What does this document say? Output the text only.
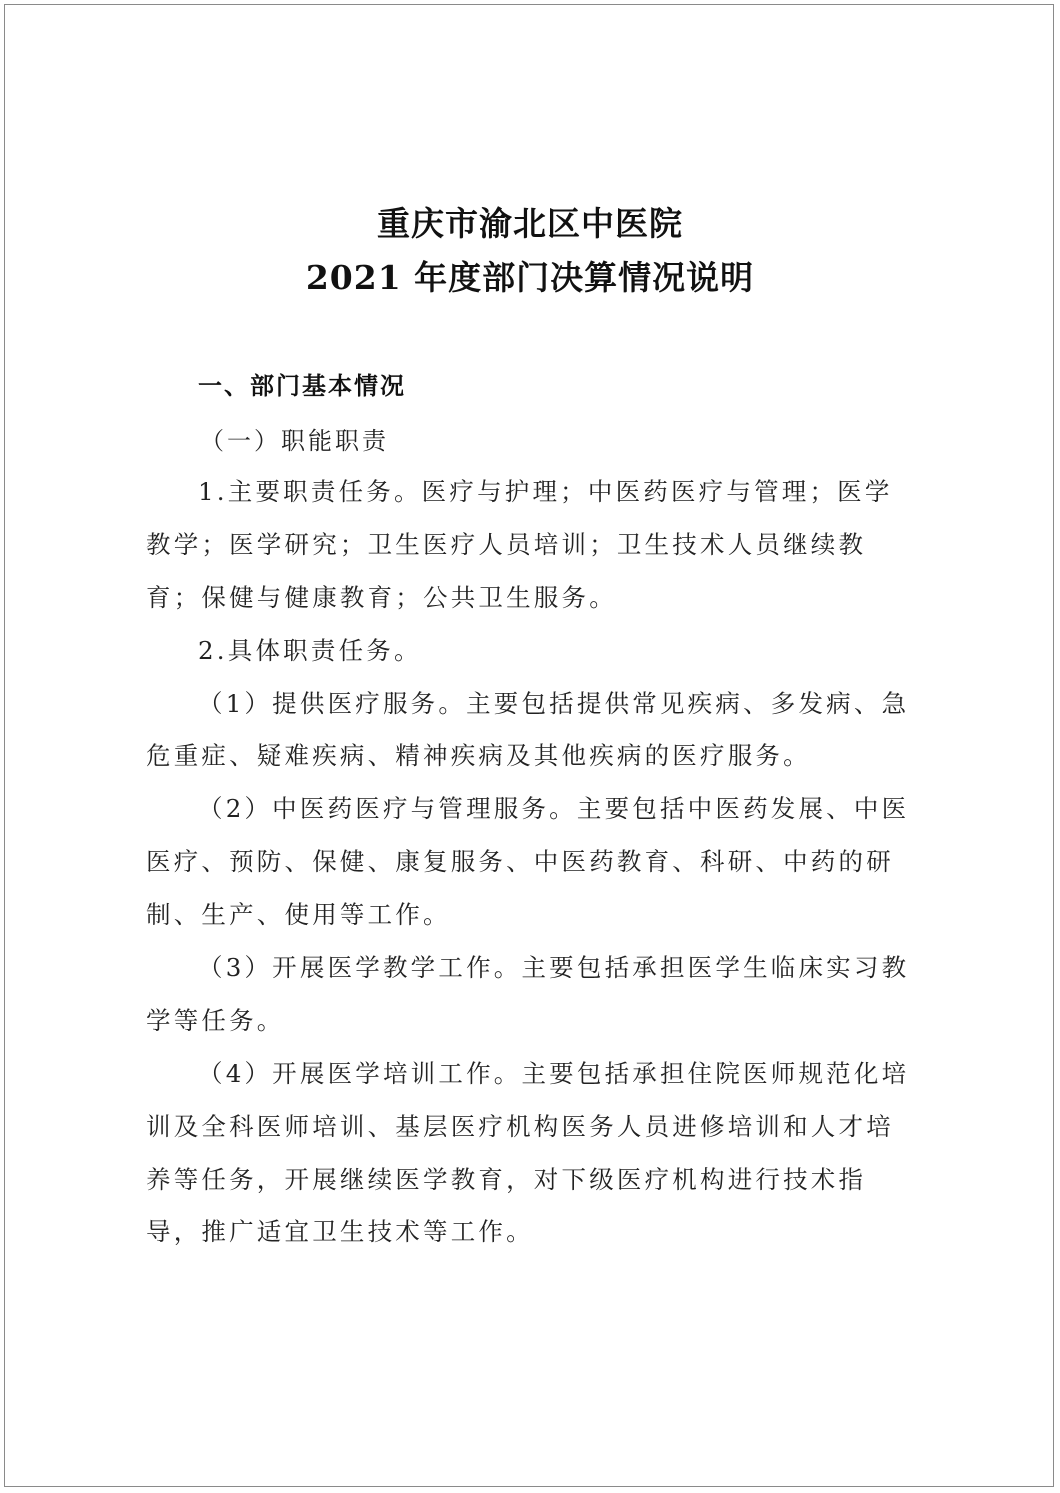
重庆市渝北区中医院
2021 年度部门决算情况说明
一、部门基本情况
（一）职能职责
1.主要职责任务。医疗与护理；中医药医疗与管理；医学
教学；医学研究；卫生医疗人员培训；卫生技术人员继续教
育；保健与健康教育；公共卫生服务。
2.具体职责任务。
（1）提供医疗服务。主要包括提供常见疾病、多发病、急
危重症、疑难疾病、精神疾病及其他疾病的医疗服务。
（2）中医药医疗与管理服务。主要包括中医药发展、中医
医疗、预防、保健、康复服务、中医药教育、科研、中药的研
制、生产、使用等工作。
（3）开展医学教学工作。主要包括承担医学生临床实习教
学等任务。
（4）开展医学培训工作。主要包括承担住院医师规范化培
训及全科医师培训、基层医疗机构医务人员进修培训和人才培
养等任务，开展继续医学教育，对下级医疗机构进行技术指
导，推广适宜卫生技术等工作。
